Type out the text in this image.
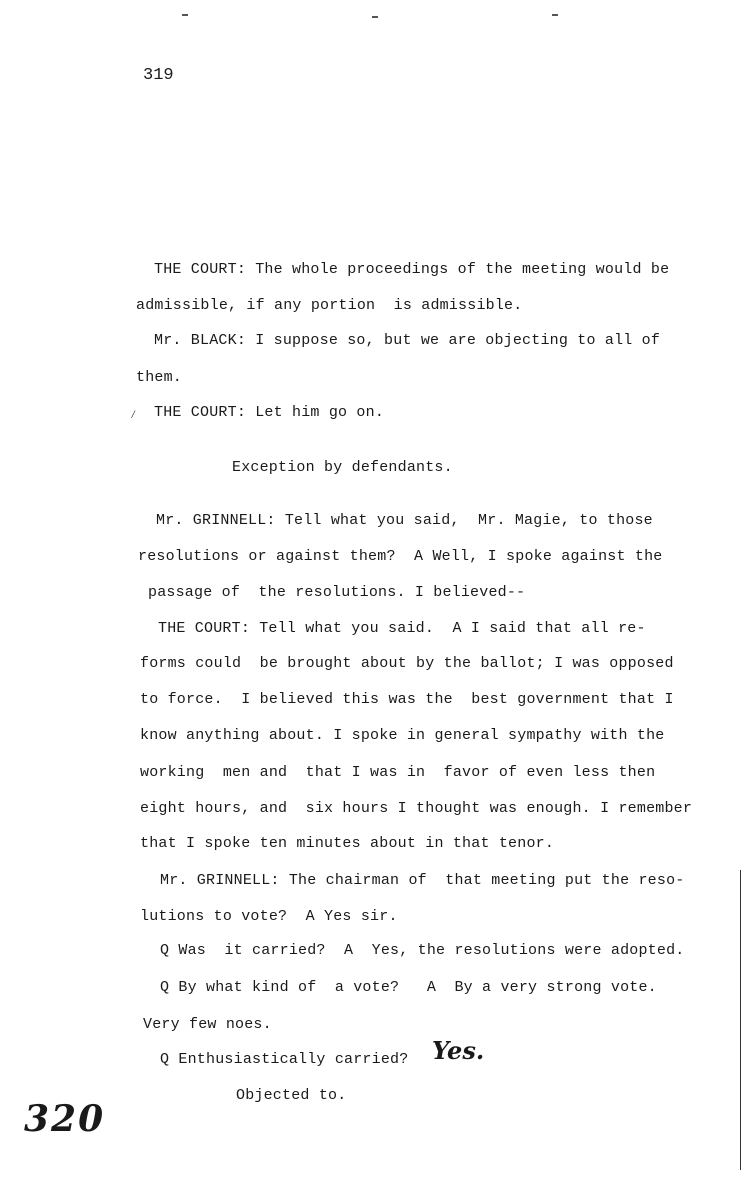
319
THE COURT: The whole proceedings of the meeting would be
admissible, if any portion  is admissible.
Mr. BLACK: I suppose so, but we are objecting to all of
them.
⁄ THE COURT: Let him go on.
Exception by defendants.
Mr. GRINNELL: Tell what you said,  Mr. Magie, to those
resolutions or against them?  A Well, I spoke against the
passage of  the resolutions. I believed--
THE COURT: Tell what you said.  A I said that all re-
forms could  be brought about by the ballot; I was opposed
to force.  I believed this was the  best government that I
know anything about. I spoke in general sympathy with the
working  men and  that I was in  favor of even less then
eight hours, and  six hours I thought was enough. I remember
that I spoke ten minutes about in that tenor.
Mr. GRINNELL: The chairman of  that meeting put the reso-
lutions to vote?  A Yes sir.
Q Was  it carried?  A  Yes, the resolutions were adopted.
Q By what kind of  a vote?   A  By a very strong vote.
Very few noes.
Q Enthusiastically carried? Yes.
Objected to.
320
